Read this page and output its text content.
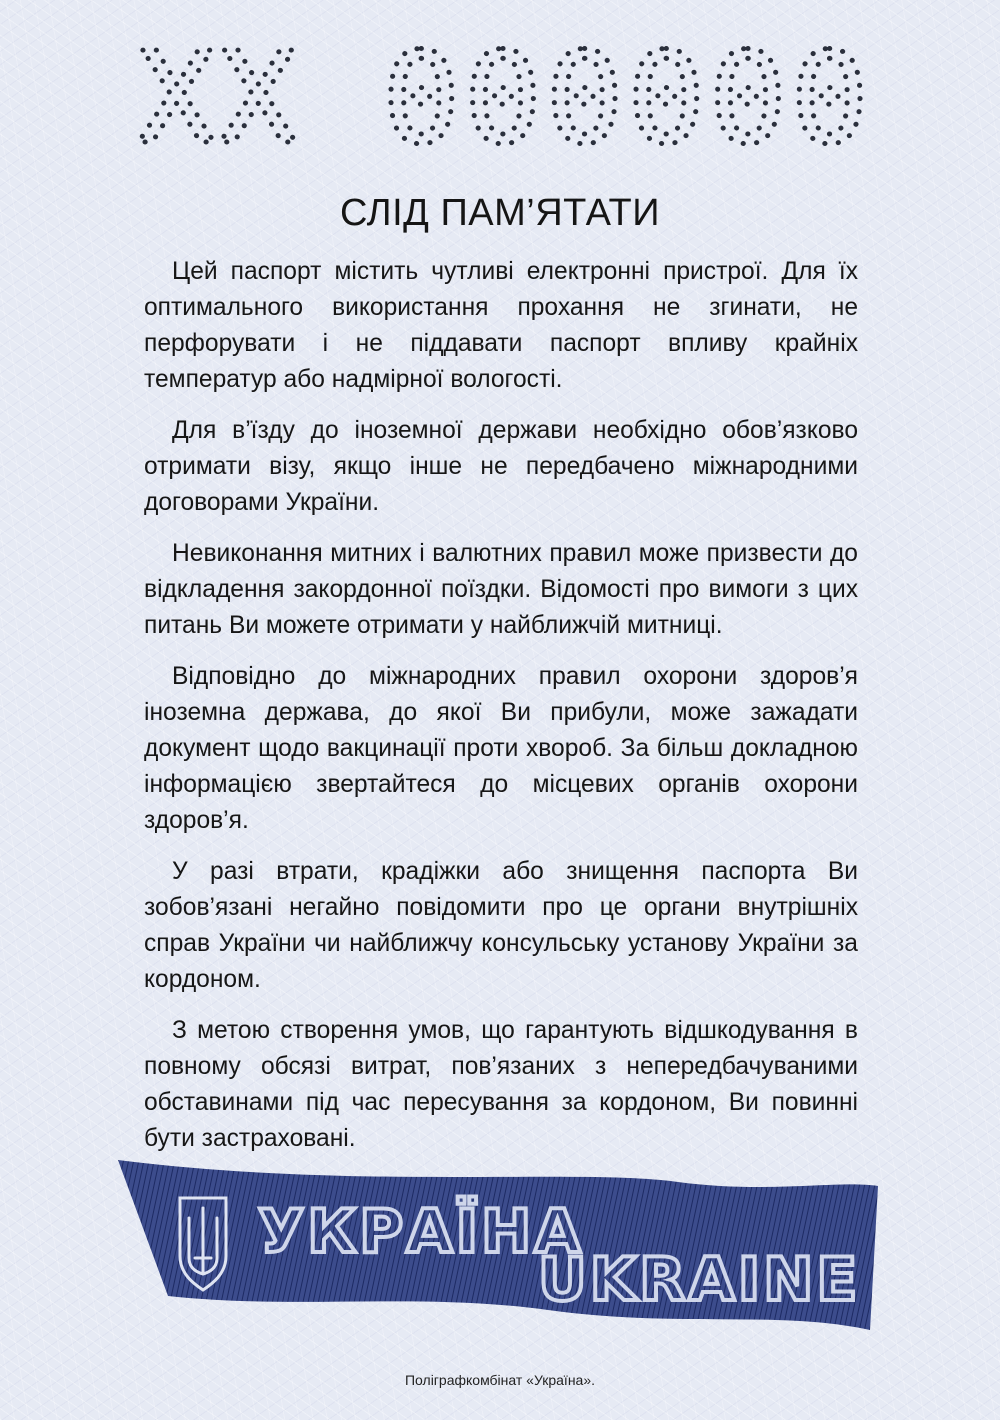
XX 000000
СЛІД ПАМ’ЯТАТИ

Цей паспорт містить чутливі електронні пристрої. Для їх оптимального використання прохання не згинати, не перфорувати і не піддавати паспорт впливу крайніх температур або надмірної вологості.

Для в’їзду до іноземної держави необхідно обов’язково отримати візу, якщо інше не передбачено міжнародними договорами України.

Невиконання митних і валютних правил може призвести до відкладення закордонної поїздки. Відомості про вимоги з цих питань Ви можете отримати у найближчій митниці.

Відповідно до міжнародних правил охорони здоров’я іноземна держава, до якої Ви прибули, може зажадати документ щодо вакцинації проти хвороб. За більш докладною інформацією звертайтеся до місцевих органів охорони здоров’я.

У разі втрати, крадіжки або знищення паспорта Ви зобов’язані негайно повідомити про це органи внутрішніх справ України чи найближчу консульську установу України за кордоном.

З метою створення умов, що гарантують відшкодування в повному обсязі витрат, пов’язаних з непередбачуваними обставинами під час пересування за кордоном, Ви повинні бути застраховані.

УКРАЇНА
UKRAINE
Поліграфкомбінат «Україна».
